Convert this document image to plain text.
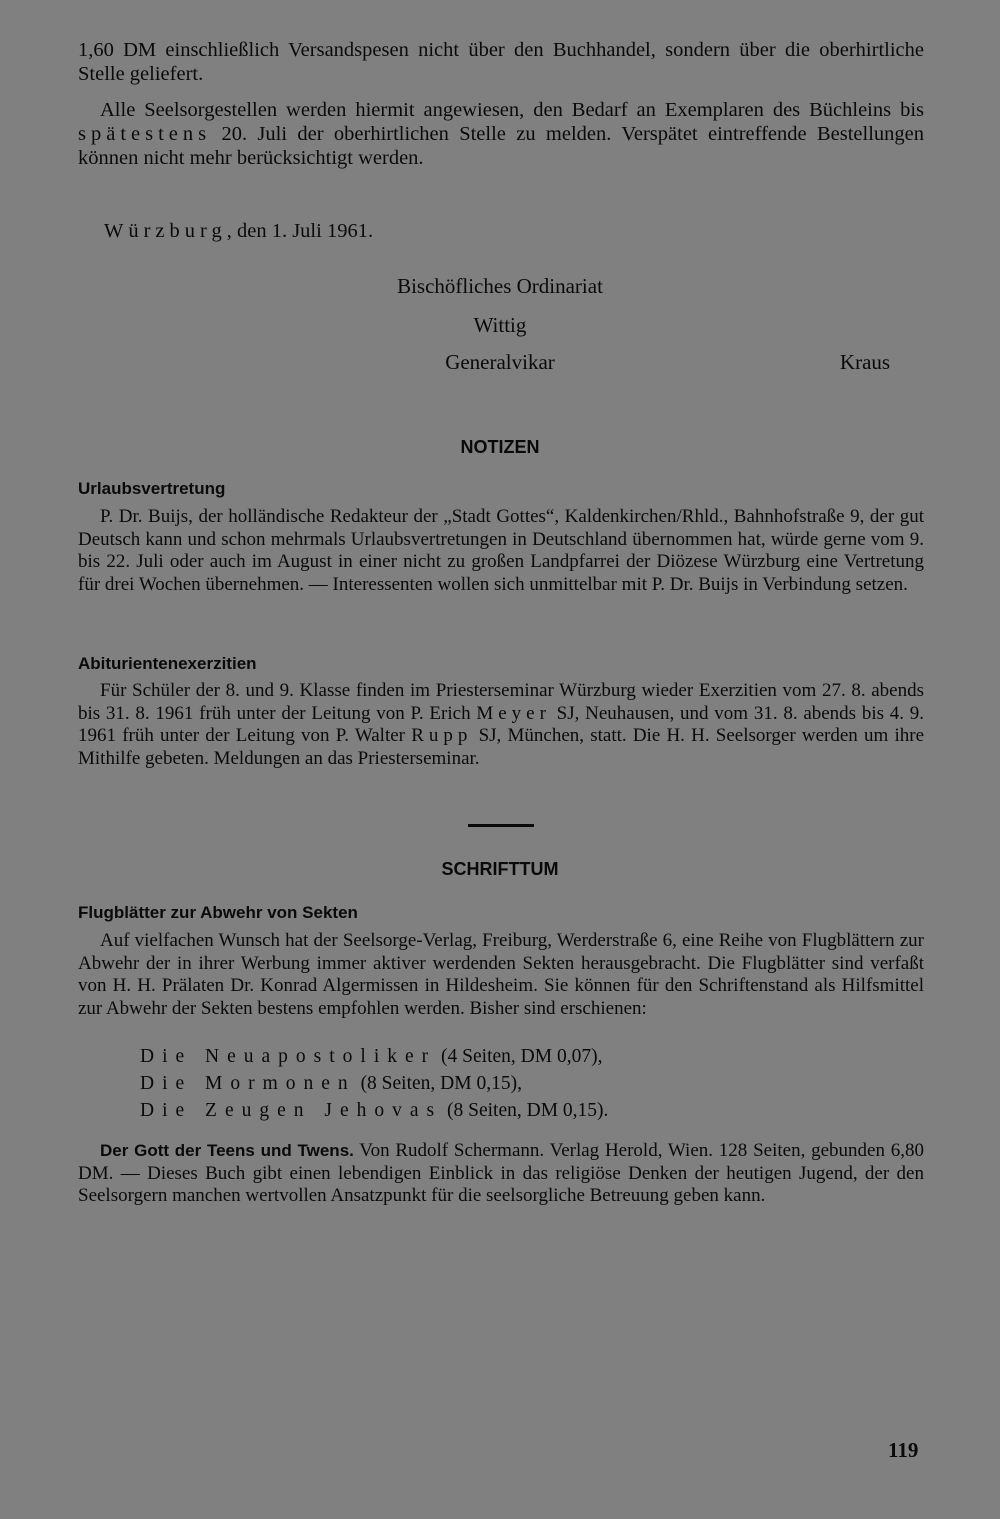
1,60 DM einschließlich Versandspesen nicht über den Buchhandel, sondern über die oberhirtliche Stelle geliefert.
Alle Seelsorgestellen werden hiermit angewiesen, den Bedarf an Exemplaren des Büchleins bis spätestens 20. Juli der oberhirtlichen Stelle zu melden. Verspätet eintreffende Bestellungen können nicht mehr berücksichtigt werden.
Würzburg, den 1. Juli 1961.
Bischöfliches Ordinariat
Wittig
Generalvikar	Kraus
NOTIZEN
Urlaubsvertretung
P. Dr. Buijs, der holländische Redakteur der „Stadt Gottes“, Kaldenkirchen/Rhld., Bahnhofstraße 9, der gut Deutsch kann und schon mehrmals Urlaubsvertretungen in Deutschland übernommen hat, würde gerne vom 9. bis 22. Juli oder auch im August in einer nicht zu großen Landpfarrei der Diözese Würzburg eine Vertretung für drei Wochen übernehmen. — Interessenten wollen sich unmittelbar mit P. Dr. Buijs in Verbindung setzen.
Abiturientenexerzitien
Für Schüler der 8. und 9. Klasse finden im Priesterseminar Würzburg wieder Exerzitien vom 27. 8. abends bis 31. 8. 1961 früh unter der Leitung von P. Erich Meyer SJ, Neuhausen, und vom 31. 8. abends bis 4. 9. 1961 früh unter der Leitung von P. Walter Rupp SJ, München, statt. Die H. H. Seelsorger werden um ihre Mithilfe gebeten. Meldungen an das Priesterseminar.
SCHRIFTTUM
Flugblätter zur Abwehr von Sekten
Auf vielfachen Wunsch hat der Seelsorge-Verlag, Freiburg, Werderstraße 6, eine Reihe von Flugblättern zur Abwehr der in ihrer Werbung immer aktiver werdenden Sekten herausgebracht. Die Flugblätter sind verfaßt von H. H. Prälaten Dr. Konrad Algermissen in Hildesheim. Sie können für den Schriftenstand als Hilfsmittel zur Abwehr der Sekten bestens empfohlen werden. Bisher sind erschienen:
Die Neuapostoliker (4 Seiten, DM 0,07),
Die Mormonen (8 Seiten, DM 0,15),
Die Zeugen Jehovas (8 Seiten, DM 0,15).
Der Gott der Teens und Twens. Von Rudolf Schermann. Verlag Herold, Wien. 128 Seiten, gebunden 6,80 DM. — Dieses Buch gibt einen lebendigen Einblick in das religiöse Denken der heutigen Jugend, der den Seelsorgern manchen wertvollen Ansatzpunkt für die seelsorgliche Betreuung geben kann.
119
